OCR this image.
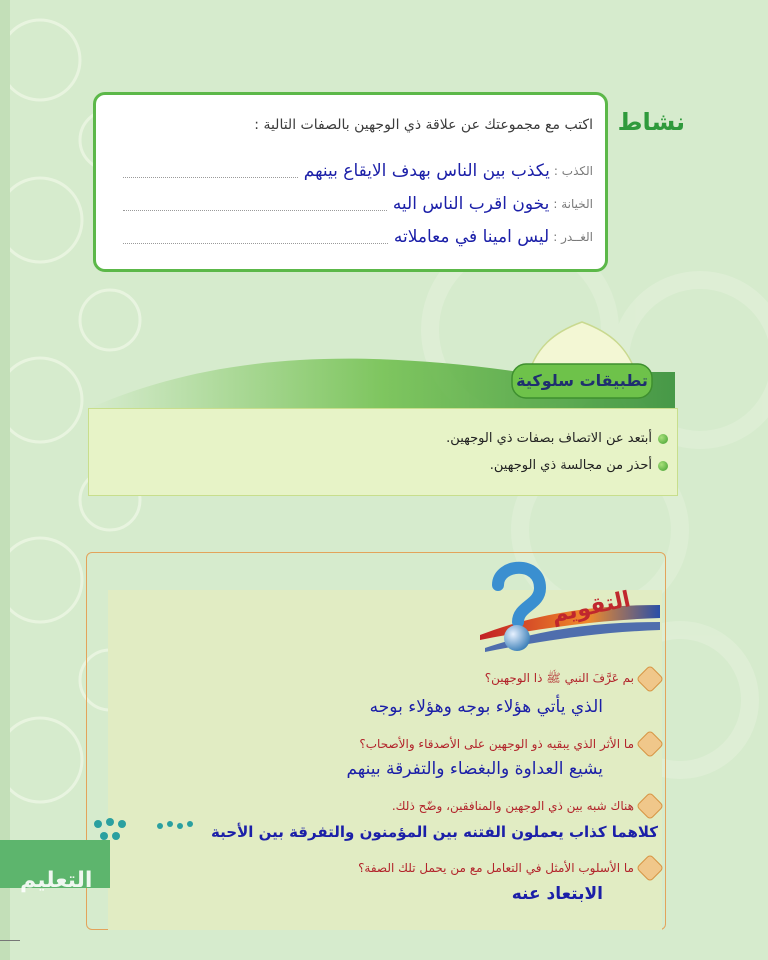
نشاط
اكتب مع مجموعتك عن علاقة ذي الوجهين بالصفات التالية :
الكذب :
يكذب بين الناس بهدف الايقاع بينهم
الخيانة :
يخون اقرب الناس اليه
الغــدر :
ليس امينا في معاملاته
تطبيقات سلوكية
أبتعد عن الاتصاف بصفات ذي الوجهين.
أحذر من مجالسة ذي الوجهين.
التقويم
بم عَرَّفَ النبي ﷺ ذا الوجهين؟
الذي يأتي هؤلاء بوجه وهؤلاء بوجه
ما الأثر الذي يبقيه ذو الوجهين على الأصدقاء والأصحاب؟
يشيع العداوة والبغضاء والتفرقة بينهم
هناك شبه بين ذي الوجهين والمنافقين، وضّح ذلك.
كلاهما كذاب يعملون الفتنه بين المؤمنون والتفرقة بين الأحبة
ما الأسلوب الأمثل في التعامل مع من يحمل تلك الصفة؟
الابتعاد عنه
التعليم
